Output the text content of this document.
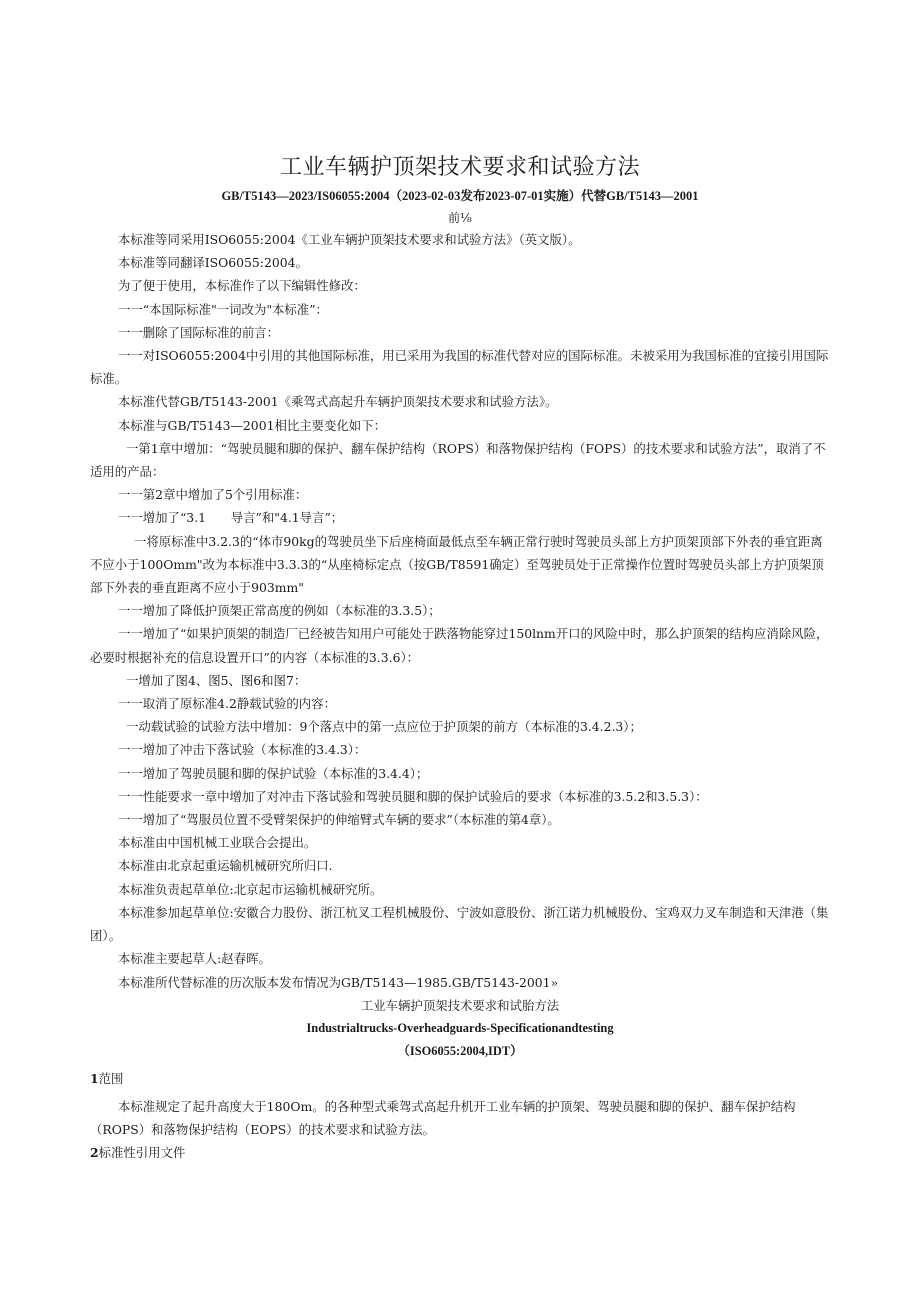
工业车辆护顶架技术要求和试验方法
GB/T5143—2023/IS06055:2004（2023-02-03发布2023-07-01实施）代替GB/T5143—2001
前⅛

本标准等同采用ISO6055:2004《工业车辆护顶架技术要求和试验方法》（英文版）。

本标准等同翻译ISO6055:2004。

为了便于使用，本标准作了以下编辑性修改：

一一“本国际标准"一词改为"本标准”：

一一删除了国际标准的前言：

一一对ISO6055:2004中引用的其他国际标准，用已采用为我国的标准代替对应的国际标准。未被采用为我国标准的宜接引用国际标准。

本标准代替GB/T5143-2001《乘驾式高起升车辆护顶架技术要求和试验方法》。

本标准与GB/T5143—2001相比主要变化如下：

一第1章中增加：“驾驶员腿和脚的保护、翻车保护结构（ROPS）和落物保护结构（FOPS）的技术要求和试验方法”，取消了不适用的产品：

一一第2章中增加了5个引用标准：

一一增加了“3.1　　导言”和"4.1导言”；

一将原标准中3.2.3的“体市90kg的驾驶员坐下后座椅面最低点至车辆正常行驶时驾驶员头部上方护顶架顶部下外表的垂宜距离不应小于100Omm"改为本标准中3.3.3的“从座椅标定点（按GB/T8591确定）至驾驶员处于正常操作位置时驾驶员头部上方护顶架顶部下外表的垂直距离不应小于903mm"

一一增加了降低护顶架正常高度的例如（本标准的3.3.5）；

一一增加了“如果护顶架的制造厂已经被告知用户可能处于跌落物能穿过150lnm开口的风险中时，那么护顶架的结构应消除风险，必要时根据补充的信息设置开口”的内容（本标准的3.3.6）：

一增加了图4、图5、图6和图7：

一一取消了原标准4.2静载试验的内容：

一动载试验的试验方法中增加：9个落点中的第一点应位于护顶架的前方（本标准的3.4.2.3）；

一一增加了冲击下落试验（本标准的3.4.3）：

一一增加了驾驶员腿和脚的保护试验（本标准的3.4.4）；

一一性能要求一章中增加了对冲击下落试验和驾驶员腿和脚的保护试验后的要求（本标准的3.5.2和3.5.3）：

一一增加了“驾服员位置不受臂架保护的伸缩臂式车辆的要求”（本标准的第4章）。

本标准由中国机械工业联合会提出。

本标准由北京起重运输机械研究所归口.

本标准负责起草单位:北京起市运输机械研究所。

本标准参加起草单位:安徽合力股份、浙江杭叉工程机械股份、宁波如意股份、浙江诺力机械股份、宝鸡双力叉车制造和天津港（集团）。

本标准主要起草人:赵春晖。

本标准所代替标准的历次版本发布情况为GB/T5143—1985.GB/T5143-2001»

工业车辆护顶架技术要求和试胎方法

Industrialtrucks-Overheadguards-Specificationandtesting

（ISO6055:2004,IDT）

1范围

本标准规定了起升高度大于180Om。的各种型式乘驾式高起升机开工业车辆的护顶架、驾驶员腿和脚的保护、翻车保护结构（ROPS）和落物保护结构（EOPS）的技术要求和试验方法。

2标准性引用文件
